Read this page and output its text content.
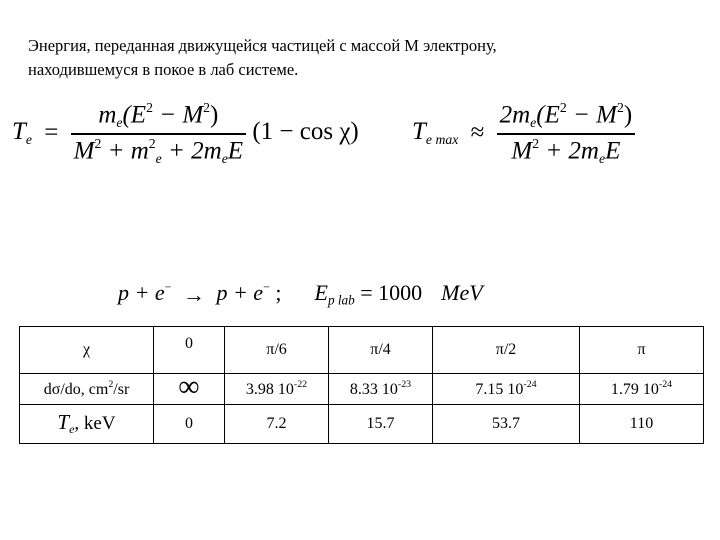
Энергия, переданная движущейся частицей с массой М электрону,
находившемуся в покое в лаб системе.
$T_e = \frac{m_e(E^2 - M^2)}{M^2 + m^2_e + 2m_eE} (1 - \cos \chi) T_{e max} \approx \frac{2m_e(E^2 - M^2)}{M^2 + 2m_eE}$
p + e− → p + e− ; $E_{p lab} = 1000$ MeV
χ	0	π/6	π/4	π/2	π
dσ/do, $cm^2/sr$	∞	3.98 $10^{-22}$	8.33 $10^{-23}$	7.15 $10^{-24}$	1.79 $10^{-24}$
$T_e$, keV	0	7.2	15.7	53.7	110
